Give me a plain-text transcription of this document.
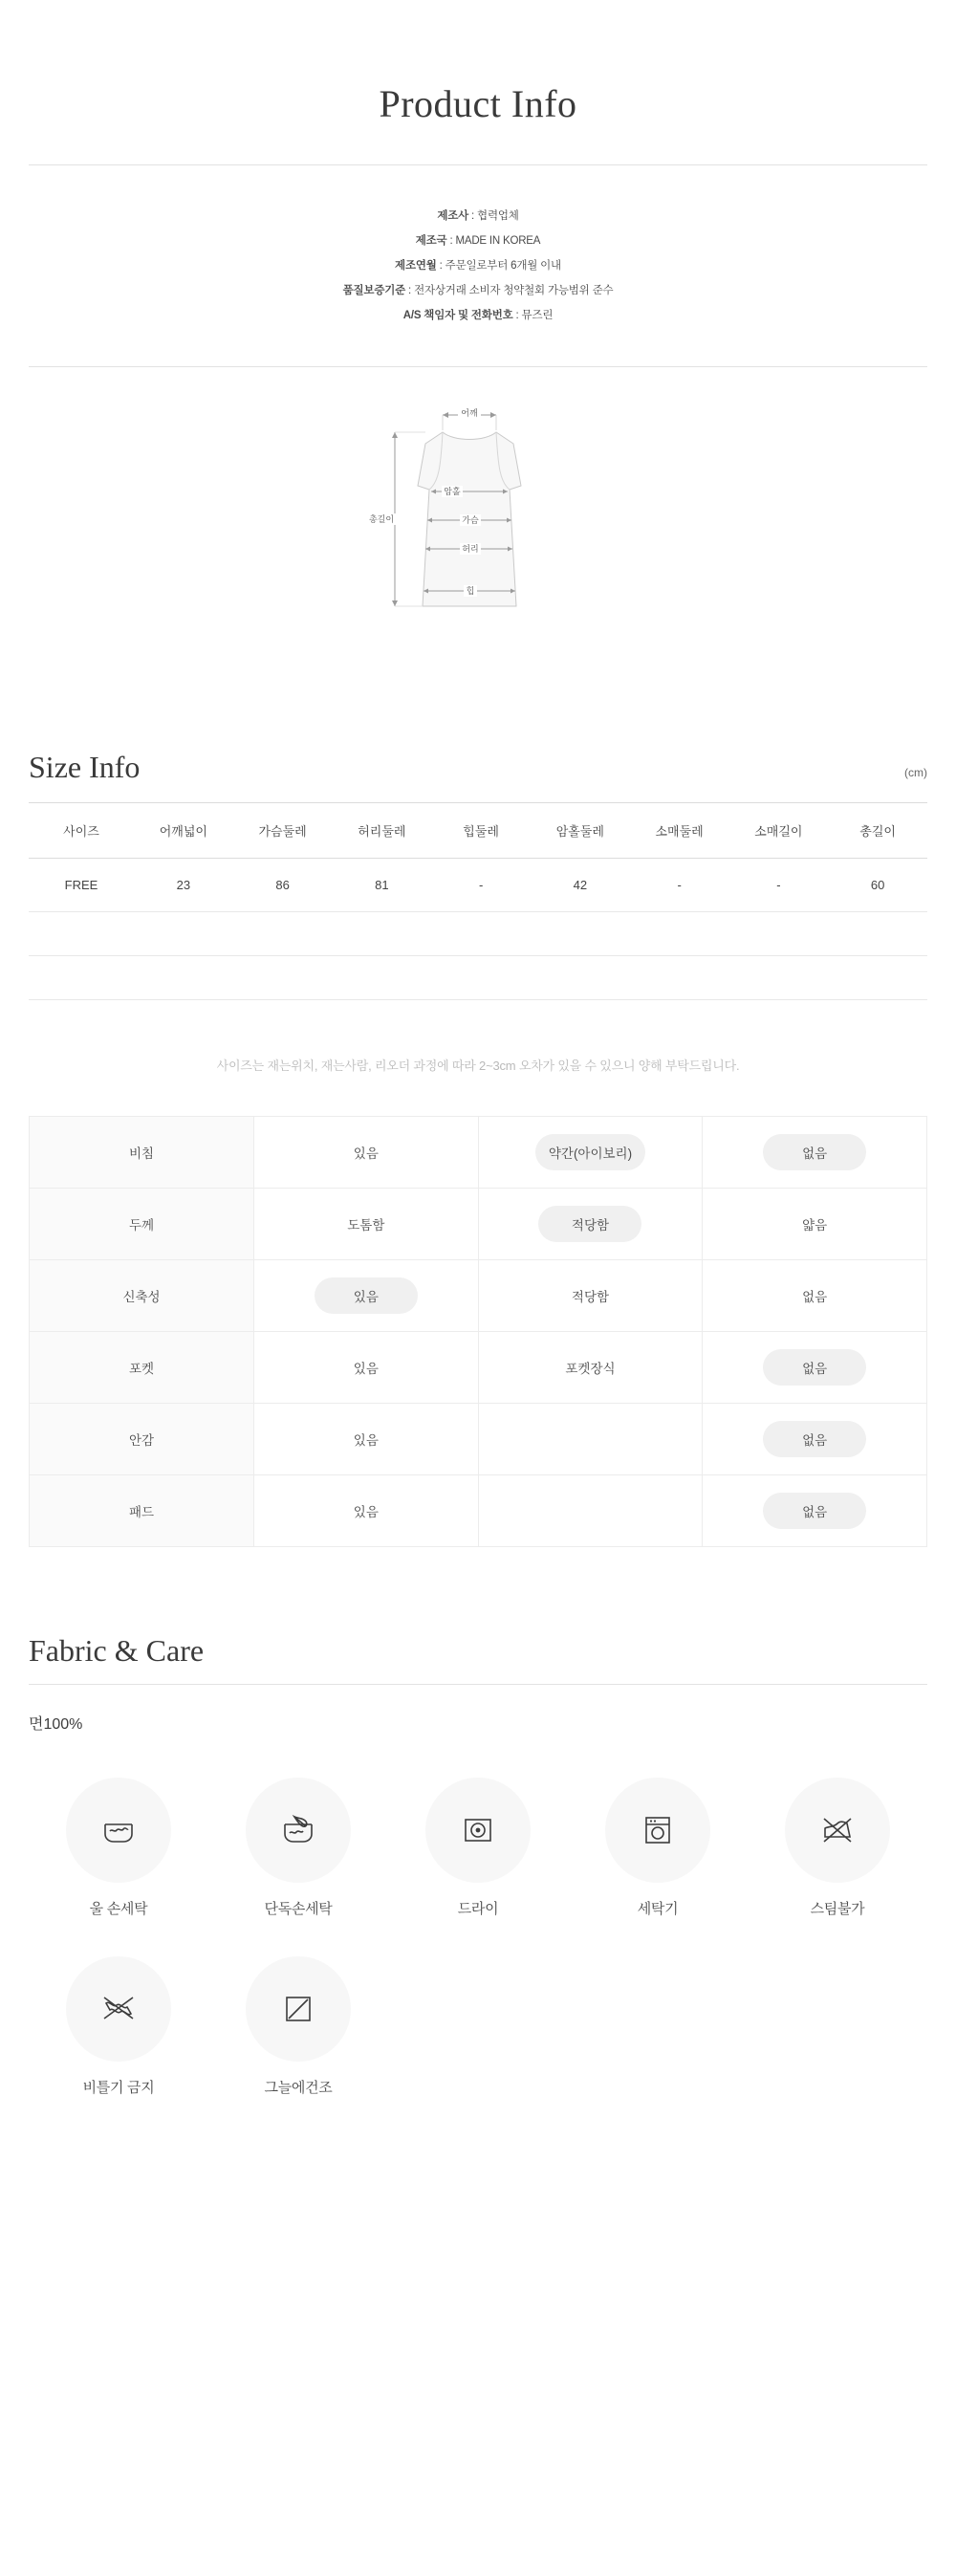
Product Info
제조사 : 협력업체
제조국 : MADE IN KOREA
제조연월 : 주문일로부터 6개월 이내
품질보증기준 : 전자상거래 소비자 청약철회 가능범위 준수
A/S 책임자 및 전화번호 : 뮤즈린
어깨
암홀
가슴
허리
힙
총길이
Size Info	(cm)
사이즈	어깨넓이	가슴둘레	허리둘레	힙둘레	암홀둘레	소매둘레	소매길이	총길이
FREE	23	86	81	-	42	-	-	60

사이즈는 재는위치, 재는사람, 리오더 과정에 따라 2~3cm 오차가 있을 수 있으니 양해 부탁드립니다.
비침	있음	약간(아이보리)	없음
두께	도톰함	적당함	얇음
신축성	있음	적당함	없음
포켓	있음	포켓장식	없음
안감	있음		없음
패드	있음		없음
Fabric & Care
면100%
울 손세탁	단독손세탁	드라이	세탁기	스팀불가
비틀기 금지	그늘에건조
